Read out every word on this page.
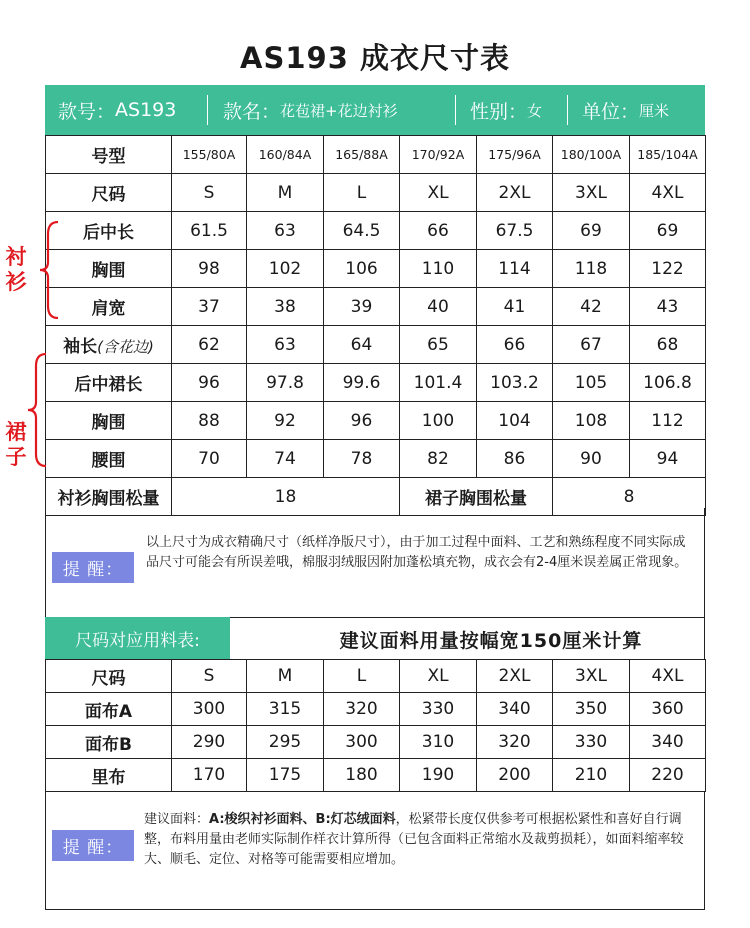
AS193 成衣尺寸表
款号： AS193 款名： 花苞裙+花边衬衫	性别： 女 单位： 厘米
号型	155/80A	160/84A	165/88A	170/92A	175/96A	180/100A	185/104A
尺码	S	M	L	XL	2XL	3XL	4XL
后中长	61.5	63	64.5	66	67.5	69	69
胸围	98	102	106	110	114	118	122
肩宽	37	38	39	40	41	42	43
袖长(含花边)	62	63	64	65	66	67	68
后中裙长	96	97.8	99.6	101.4	103.2	105	106.8
胸围	88	92	96	100	104	108	112
腰围	70	74	78	82	86	90	94
衬衫胸围松量	18			裙子胸围松量		8	
衬衫
裙子
提 醒：
以上尺寸为成衣精确尺寸（纸样净版尺寸），由于加工过程中面料、工艺和熟练程度不同实际成品尺寸可能会有所误差哦，棉服羽绒服因附加蓬松填充物，成衣会有2-4厘米误差属正常现象。
尺码对应用料表:	建议面料用量按幅宽150厘米计算
尺码	S	M	L	XL	2XL	3XL	4XL
面布A	300	315	320	330	340	350	360
面布B	290	295	300	310	320	330	340
里布	170	175	180	190	200	210	220
提 醒：
建议面料：A:梭织衬衫面料、B:灯芯绒面料，松紧带长度仅供参考可根据松紧性和喜好自行调整，布料用量由老师实际制作样衣计算所得（已包含面料正常缩水及裁剪损耗），如面料缩率较大、顺毛、定位、对格等可能需要相应增加。
